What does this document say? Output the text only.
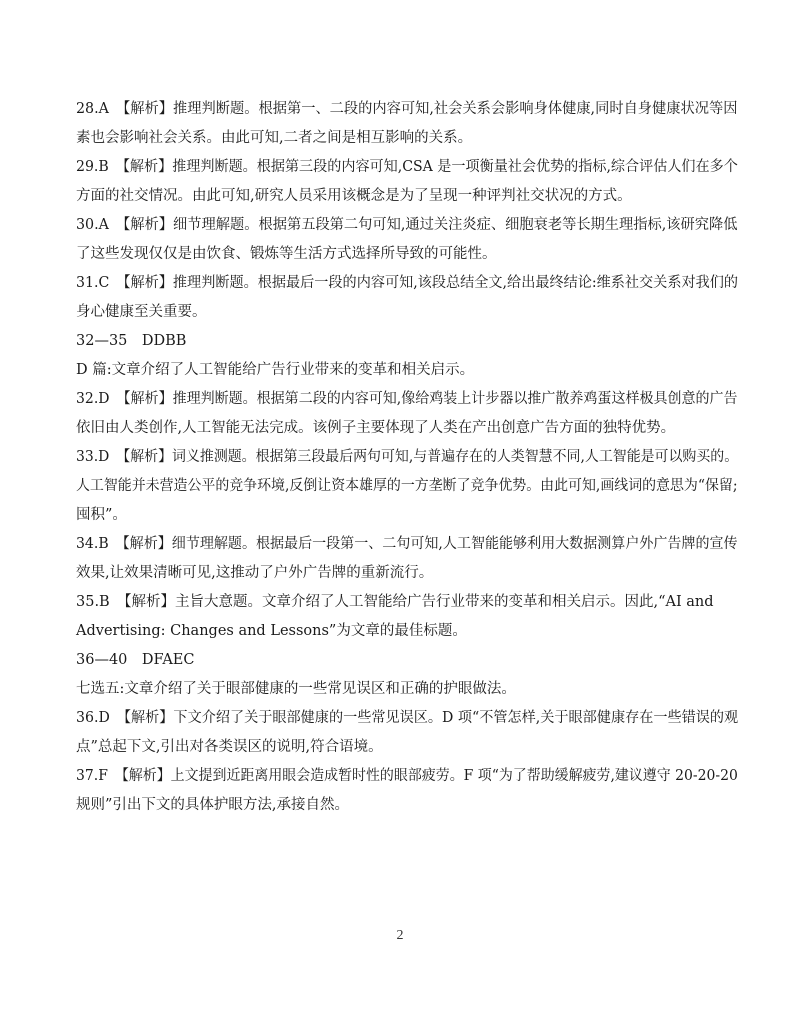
28.A　【解析】推理判断题。根据第一、二段的内容可知,社会关系会影响身体健康,同时自身健康状况等因
素也会影响社会关系。由此可知,二者之间是相互影响的关系。
29.B　【解析】推理判断题。根据第三段的内容可知,CSA 是一项衡量社会优势的指标,综合评估人们在多个
方面的社交情况。由此可知,研究人员采用该概念是为了呈现一种评判社交状况的方式。
30.A　【解析】细节理解题。根据第五段第二句可知,通过关注炎症、细胞衰老等长期生理指标,该研究降低
了这些发现仅仅是由饮食、锻炼等生活方式选择所导致的可能性。
31.C　【解析】推理判断题。根据最后一段的内容可知,该段总结全文,给出最终结论:维系社交关系对我们的
身心健康至关重要。
32—35　DDBB
D 篇:文章介绍了人工智能给广告行业带来的变革和相关启示。
32.D　【解析】推理判断题。根据第二段的内容可知,像给鸡装上计步器以推广散养鸡蛋这样极具创意的广告
依旧由人类创作,人工智能无法完成。该例子主要体现了人类在产出创意广告方面的独特优势。
33.D　【解析】词义推测题。根据第三段最后两句可知,与普遍存在的人类智慧不同,人工智能是可以购买的。
人工智能并未营造公平的竞争环境,反倒让资本雄厚的一方垄断了竞争优势。由此可知,画线词的意思为“保留;
囤积”。
34.B　【解析】细节理解题。根据最后一段第一、二句可知,人工智能能够利用大数据测算户外广告牌的宣传
效果,让效果清晰可见,这推动了户外广告牌的重新流行。
35.B　【解析】主旨大意题。文章介绍了人工智能给广告行业带来的变革和相关启示。因此,“AI and
Advertising: Changes and Lessons”为文章的最佳标题。
36—40　DFAEC
七选五:文章介绍了关于眼部健康的一些常见误区和正确的护眼做法。
36.D　【解析】下文介绍了关于眼部健康的一些常见误区。D 项“不管怎样,关于眼部健康存在一些错误的观
点”总起下文,引出对各类误区的说明,符合语境。
37.F　【解析】上文提到近距离用眼会造成暂时性的眼部疲劳。F 项“为了帮助缓解疲劳,建议遵守 20-20-20
规则”引出下文的具体护眼方法,承接自然。
2
